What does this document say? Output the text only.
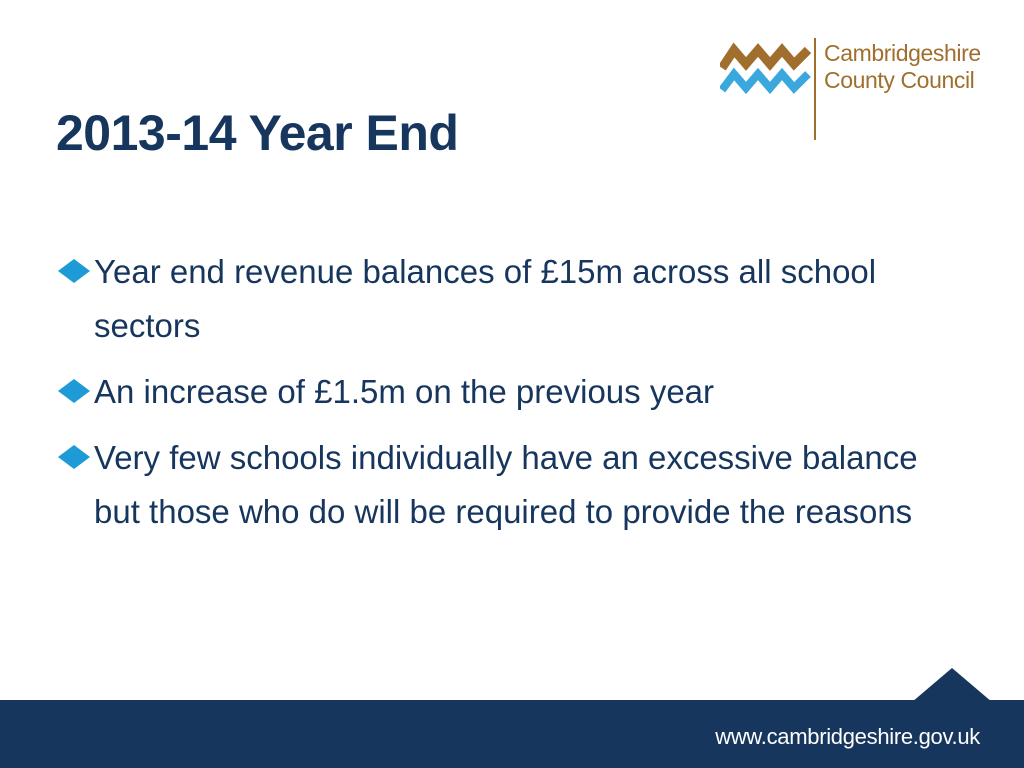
Cambridgeshire
County Council
2013-14 Year End
Year end revenue balances of £15m across all school sectors
An increase of £1.5m on the previous year
Very few schools individually have an excessive balance but those who do will be required to provide the reasons
www.cambridgeshire.gov.uk
